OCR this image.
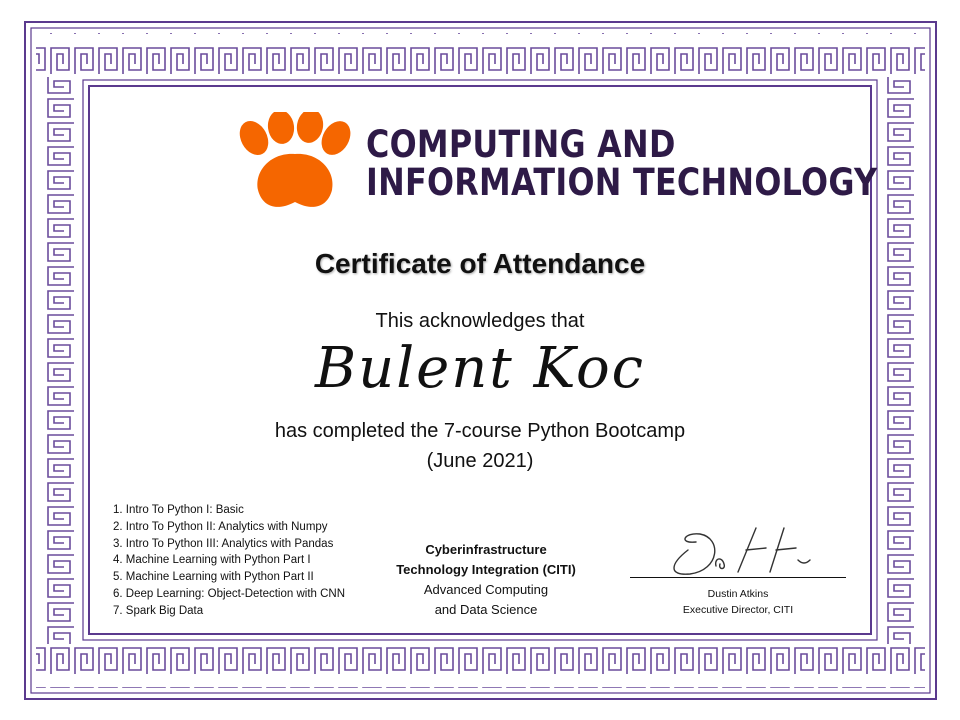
COMPUTING AND
INFORMATION TECHNOLOGY
Certificate of Attendance
This acknowledges that
Bulent Koc
has completed the 7-course Python Bootcamp
(June 2021)
1. Intro To Python I: Basic
2. Intro To Python II: Analytics with Numpy
3. Intro To Python III: Analytics with Pandas
4. Machine Learning with Python Part I
5. Machine Learning with Python Part II
6. Deep Learning: Object-Detection with CNN
7. Spark Big Data
Cyberinfrastructure
Technology Integration (CITI)
Advanced Computing
and Data Science
Dustin Atkins
Executive Director, CITI
